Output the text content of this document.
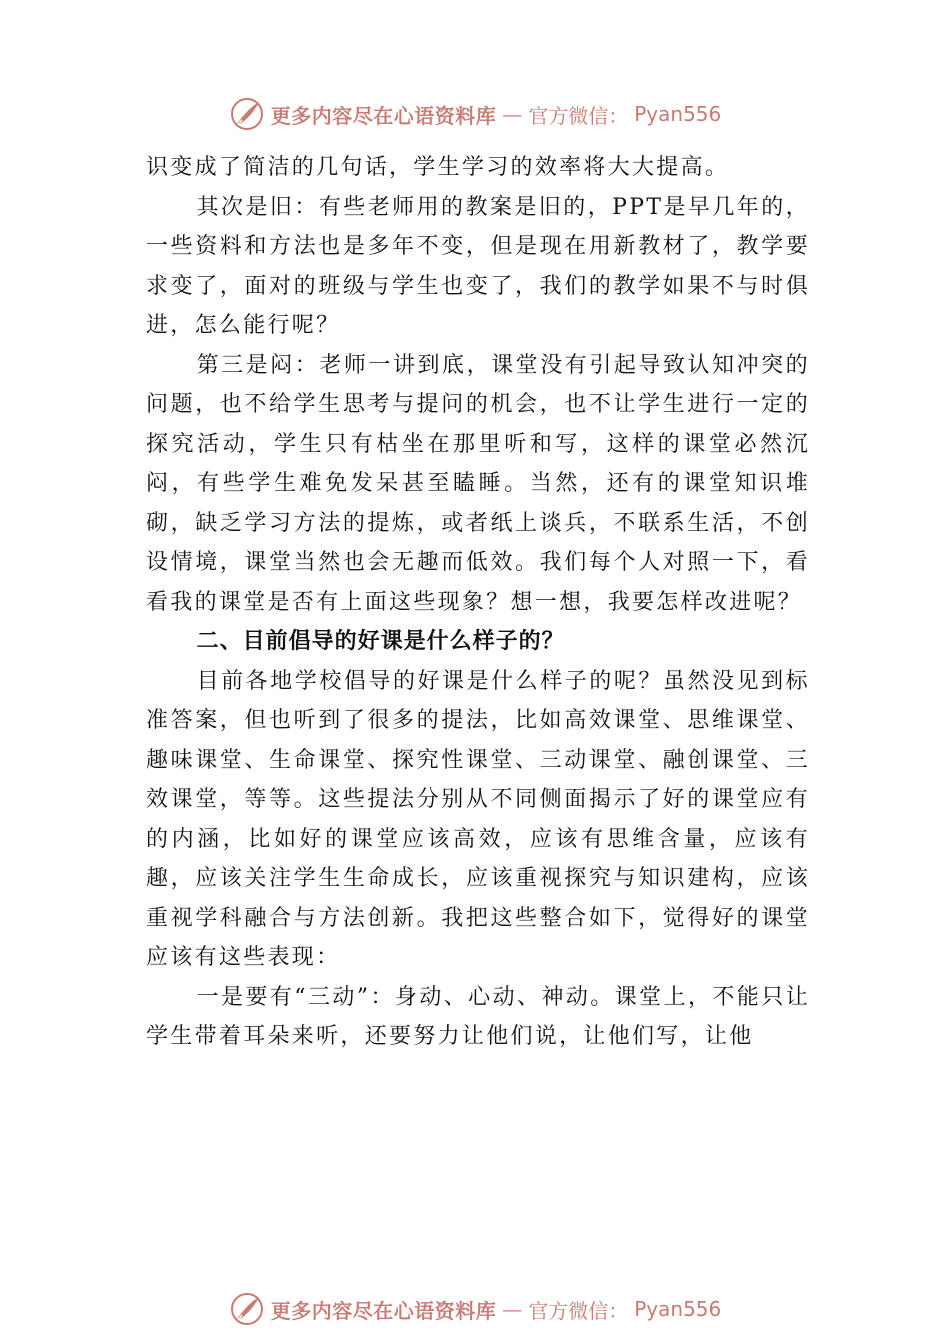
更多内容尽在心语资料库 — 官方微信： Pyan556

识变成了简洁的几句话，学生学习的效率将大大提高。

其次是旧：有些老师用的教案是旧的，PPT是早几年的，一些资料和方法也是多年不变，但是现在用新教材了，教学要求变了，面对的班级与学生也变了，我们的教学如果不与时俱进，怎么能行呢？

第三是闷：老师一讲到底，课堂没有引起导致认知冲突的问题，也不给学生思考与提问的机会，也不让学生进行一定的探究活动，学生只有枯坐在那里听和写，这样的课堂必然沉闷，有些学生难免发呆甚至瞌睡。当然，还有的课堂知识堆砌，缺乏学习方法的提炼，或者纸上谈兵，不联系生活，不创设情境，课堂当然也会无趣而低效。我们每个人对照一下，看看我的课堂是否有上面这些现象？想一想，我要怎样改进呢？

二、目前倡导的好课是什么样子的？

目前各地学校倡导的好课是什么样子的呢？虽然没见到标准答案，但也听到了很多的提法，比如高效课堂、思维课堂、趣味课堂、生命课堂、探究性课堂、三动课堂、融创课堂、三效课堂，等等。这些提法分别从不同侧面揭示了好的课堂应有的内涵，比如好的课堂应该高效，应该有思维含量，应该有趣，应该关注学生生命成长，应该重视探究与知识建构，应该重视学科融合与方法创新。我把这些整合如下，觉得好的课堂应该有这些表现：

一是要有“三动”：身动、心动、神动。课堂上，不能只让学生带着耳朵来听，还要努力让他们说，让他们写，让他

更多内容尽在心语资料库 — 官方微信： Pyan556
